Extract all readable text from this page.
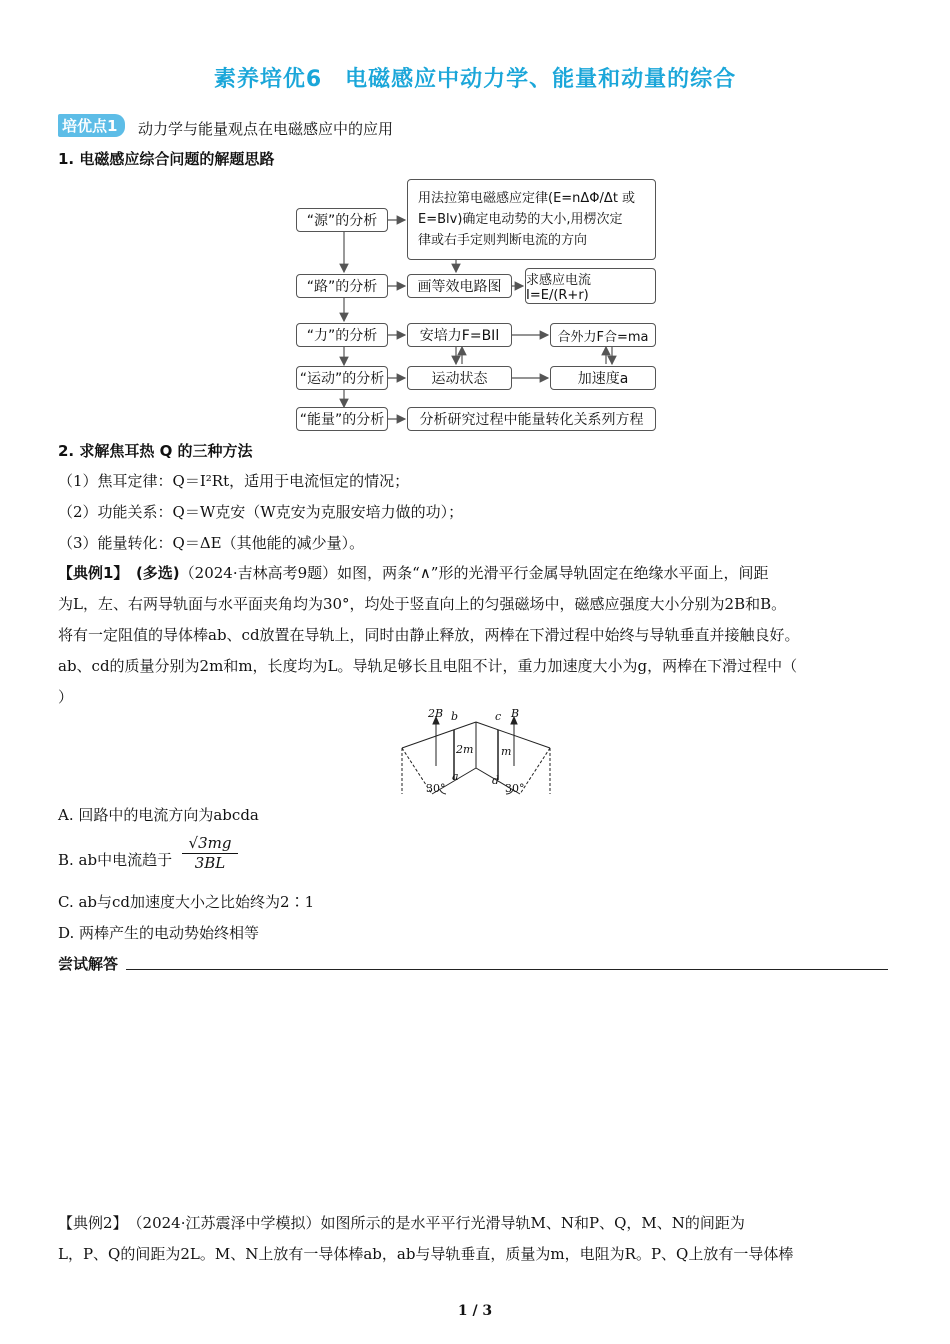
素养培优6　电磁感应中动力学、能量和动量的综合
培优点1	动力学与能量观点在电磁感应中的应用
1. 电磁感应综合问题的解题思路
“源”的分析
用法拉第电磁感应定律(E=nΔΦ/Δt 或
E=Blv)确定电动势的大小,用楞次定
律或右手定则判断电流的方向
“路”的分析	画等效电路图	求感应电流 I=E/(R+r)
“力”的分析	安培力F=BIl	合外力F合=ma
“运动”的分析	运动状态	加速度a
“能量”的分析	分析研究过程中能量转化关系列方程
2. 求解焦耳热 Q 的三种方法
（1）焦耳定律：Q＝I²Rt，适用于电流恒定的情况；
（2）功能关系：Q＝W克安（W克安为克服安培力做的功）；
（3）能量转化：Q＝ΔE（其他能的减少量）。
【典例1】　 (多选)（2024·吉林高考9题）如图，两条“∧”形的光滑平行金属导轨固定在绝缘水平面上，间距
为L，左、右两导轨面与水平面夹角均为30°，均处于竖直向上的匀强磁场中，磁感应强度大小分别为2B和B。
将有一定阻值的导体棒ab、cd放置在导轨上，同时由静止释放，两棒在下滑过程中始终与导轨垂直并接触良好。
ab、cd的质量分别为2m和m，长度均为L。导轨足够长且电阻不计，重力加速度大小为g，两棒在下滑过程中（
）
2B b	c B
2m	m
a	d
30°	30°
A. 回路中的电流方向为abcda
B. ab中电流趋于 $\frac{√3mg}{3BL}$
C. ab与cd加速度大小之比始终为2∶1
D. 两棒产生的电动势始终相等
尝试解答
【典例2】　（2024·江苏震泽中学模拟）如图所示的是水平平行光滑导轨M、N和P、Q，M、N的间距为
L，P、Q的间距为2L。M、N上放有一导体棒ab，ab与导轨垂直，质量为m，电阻为R。P、Q上放有一导体棒
1 / 3
